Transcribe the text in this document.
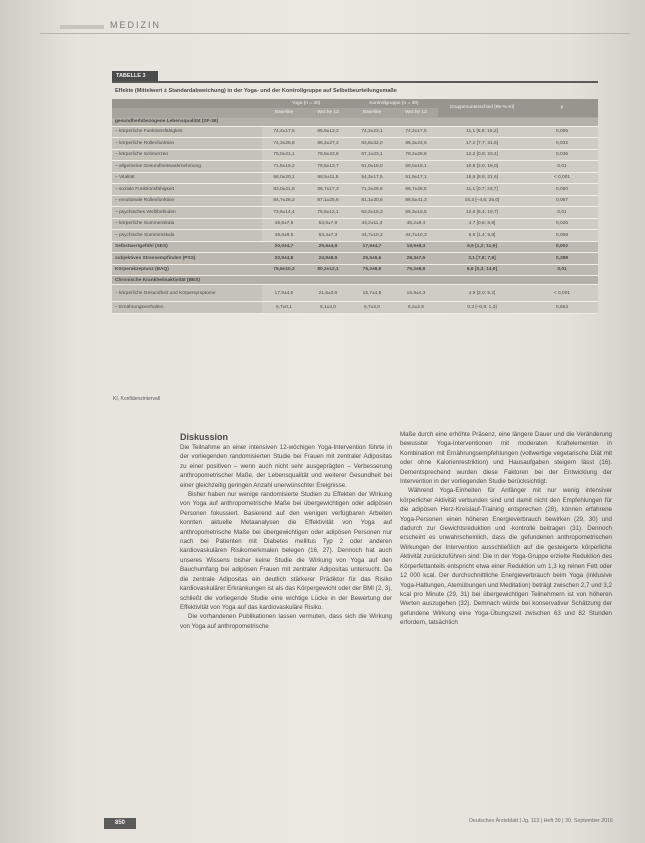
MEDIZIN
TABELLE 3
Effekte (Mittelwert ± Standardabweichung) in der Yoga- und der Kontrollgruppe auf Selbstbeurteilungsmaße
	Yoga (n = 30)		Kontrollgruppe (n = 30)		Gruppenunterschied [95-%-KI]	p
	Baseline	Woche 12	Baseline	Woche 12		
gesundheitsbezogene Lebensqualität (SF-36)						
– körperliche Funktionsfähigkeit	74,4±17,5	85,9±13,2	74,2±23,1	74,2±17,5	11,1 [5,8; 16,2]	0,005
– körperliche Rollenfunktion	74,3±28,8	86,2±27,2	83,8±32,0	85,3±24,6	17,2 [7,7; 31,6]	0,032
– körperliche Schmerzen	75,0±21,1	75,8±22,6	67,1±23,1	78,2±28,6	12,2 [0,8; 23,4]	0,036
– allgemeine Gesundheitswahrnehmung	71,5±15,2	76,5±13,7	61,0±15,0	66,0±15,1	10,6 [2,0; 18,0]	0,01
– Vitalität	58,0±20,1	68,5±11,5	54,3±17,5	51,9±17,1	15,6 [8,6; 21,6]	< 0,001
– soziale Funktionsfähigkeit	83,0±21,6	86,7±17,3	71,3±26,6	66,7±28,5	11,1 [0,7; 23,7]	0,050
– emotionale Rollenfunktion	84,7±26,2	87,1±25,6	81,1±30,6	86,5±41,3	16,3 [–4,6; 25,0]	0,087
– psychisches Wohlbefinden	73,6±14,4	76,8±12,1	63,2±15,3	65,3±16,5	12,6 [6,4; 19,7]	0,01
– körperliche Summenskala	48,6±7,5	53,6±7,9	44,2±11,3	45,2±8,4	4,7 [0,6; 8,9]	0,026
– psychische Summenskala	49,6±9,5	53,4±7,3	44,7±10,3	44,7±10,3	5,6 [1,4; 9,8]	0,008
Selbstwertgefühl (SES)	20,0±4,7	25,6±4,9	17,9±4,7	18,9±8,3	6,6 [1,2; 11,9]	0,002
subjektives Stressempfinden (PSS)	20,9±4,8	24,9±8,9	25,6±5,6	28,3±7,5	3,1 [7,8; 7,8]	0,288
Körperakzeptanz (BAQ)	75,6±10,3	80,2±12,1	75,2±8,6	75,2±8,9	6,6 [0,3; 14,9]	0,01
Chronische Krankheitsaktivität (BES)						
– körperliche Gesundheit und Körpersymptome	17,9±4,0	21,6±3,6	15,7±4,8	15,9±4,3	4,9 [2,0; 5,2]	< 0,001
– Ernährungsverhalten	6,7±0,1	5,1±3,0	6,7±3,0	6,2±2,8	0,3 [–0,8; 1,3]	0,653
KI, Konfidenzintervall
Diskussion

Die Teilnahme an einer intensiven 12-wöchigen Yoga-Intervention führte in der vorliegenden randomisierten Studie bei Frauen mit zentraler Adipositas zu einer positiven – wenn auch nicht sehr ausgeprägten – Verbesserung anthropometrischer Maße, der Lebensqualität und weiterer Gesundheit bei einer gleichzeitig geringen Anzahl unerwünschter Ereignisse.

Bisher haben nur wenige randomisierte Studien zu Effekten der Wirkung von Yoga auf anthropometrische Maße bei übergewichtigen oder adipösen Personen fokussiert. Basierend auf den wenigen verfügbaren Arbeiten konnten aktuelle Metaanalysen die Effektivität von Yoga auf anthropometrische Maße bei übergewichtigen oder adipösen Personen nur nach bei Patienten mit Diabetes mellitus Typ 2 oder anderen kardiovaskulären Risikomerkmalen belegen (16, 27). Dennoch hat auch unseres Wissens bisher keine Studie die Wirkung von Yoga auf den Bauchumfang bei adipösen Frauen mit zentraler Adipositas untersucht. Da die zentrale Adipositas ein deutlich stärkerer Prädiktor für das Risiko kardiovaskulärer Erkrankungen ist als das Körpergewicht oder der BMI (2, 3), schließt die vorliegende Studie eine wichtige Lücke in der Bewertung der Effektivität von Yoga auf das kardiovaskuläre Risiko.

Die vorhandenen Publikationen lassen vermuten, dass sich die Wirkung von Yoga auf anthropometrische

Maße durch eine erhöhte Präsenz, eine längere Dauer und die Veränderung bewusster Yoga-Interventionen mit moderaten Kraftelementen in Kombination mit Ernährungsempfehlungen (vollwertige vegetarische Diät mit oder ohne Kalorienrestriktion) und Hausaufgaben steigern lässt (16). Dementsprechend wurden diese Faktoren bei der Entwicklung der Intervention in der vorliegenden Studie berücksichtigt.

Während Yoga-Einheiten für Anfänger mit nur wenig intensiver körperlicher Aktivität verbunden sind und damit nicht den Empfehlungen für die adipösen Herz-Kreislauf-Training entsprechen (28), können erfahrene Yoga-Personen einen höheren Energieverbrauch bewirken (29, 30) und dadurch zur Gewichtsreduktion und -kontrolle beitragen (31). Dennoch erscheint es unwahrscheinlich, dass die gefundenen anthropometrischen Wirkungen der Intervention ausschließlich auf die gesteigerte körperliche Aktivität zurückzuführen sind: Die in der Yoga-Gruppe erzielte Reduktion des Körperfettanteils entspricht etwa einer Reduktion um 1,3 kg reinen Fett oder 12 000 kcal. Der durchschnittliche Energieverbrauch beim Yoga (inklusive Yoga-Haltungen, Atemübungen und Meditation) beträgt zwischen 2,7 und 3,2 kcal pro Minute (29, 31) bei übergewichtigen Teilnehmern ist von höheren Werten auszugehen (32). Demnach würde bei konservativer Schätzung der gefundene Wirkung eine Yoga-Übungszeit zwischen 63 und 82 Stunden erfordern, tatsächlich

850	Deutsches Ärzteblatt | Jg. 113 | Heft 39 | 30. September 2016
